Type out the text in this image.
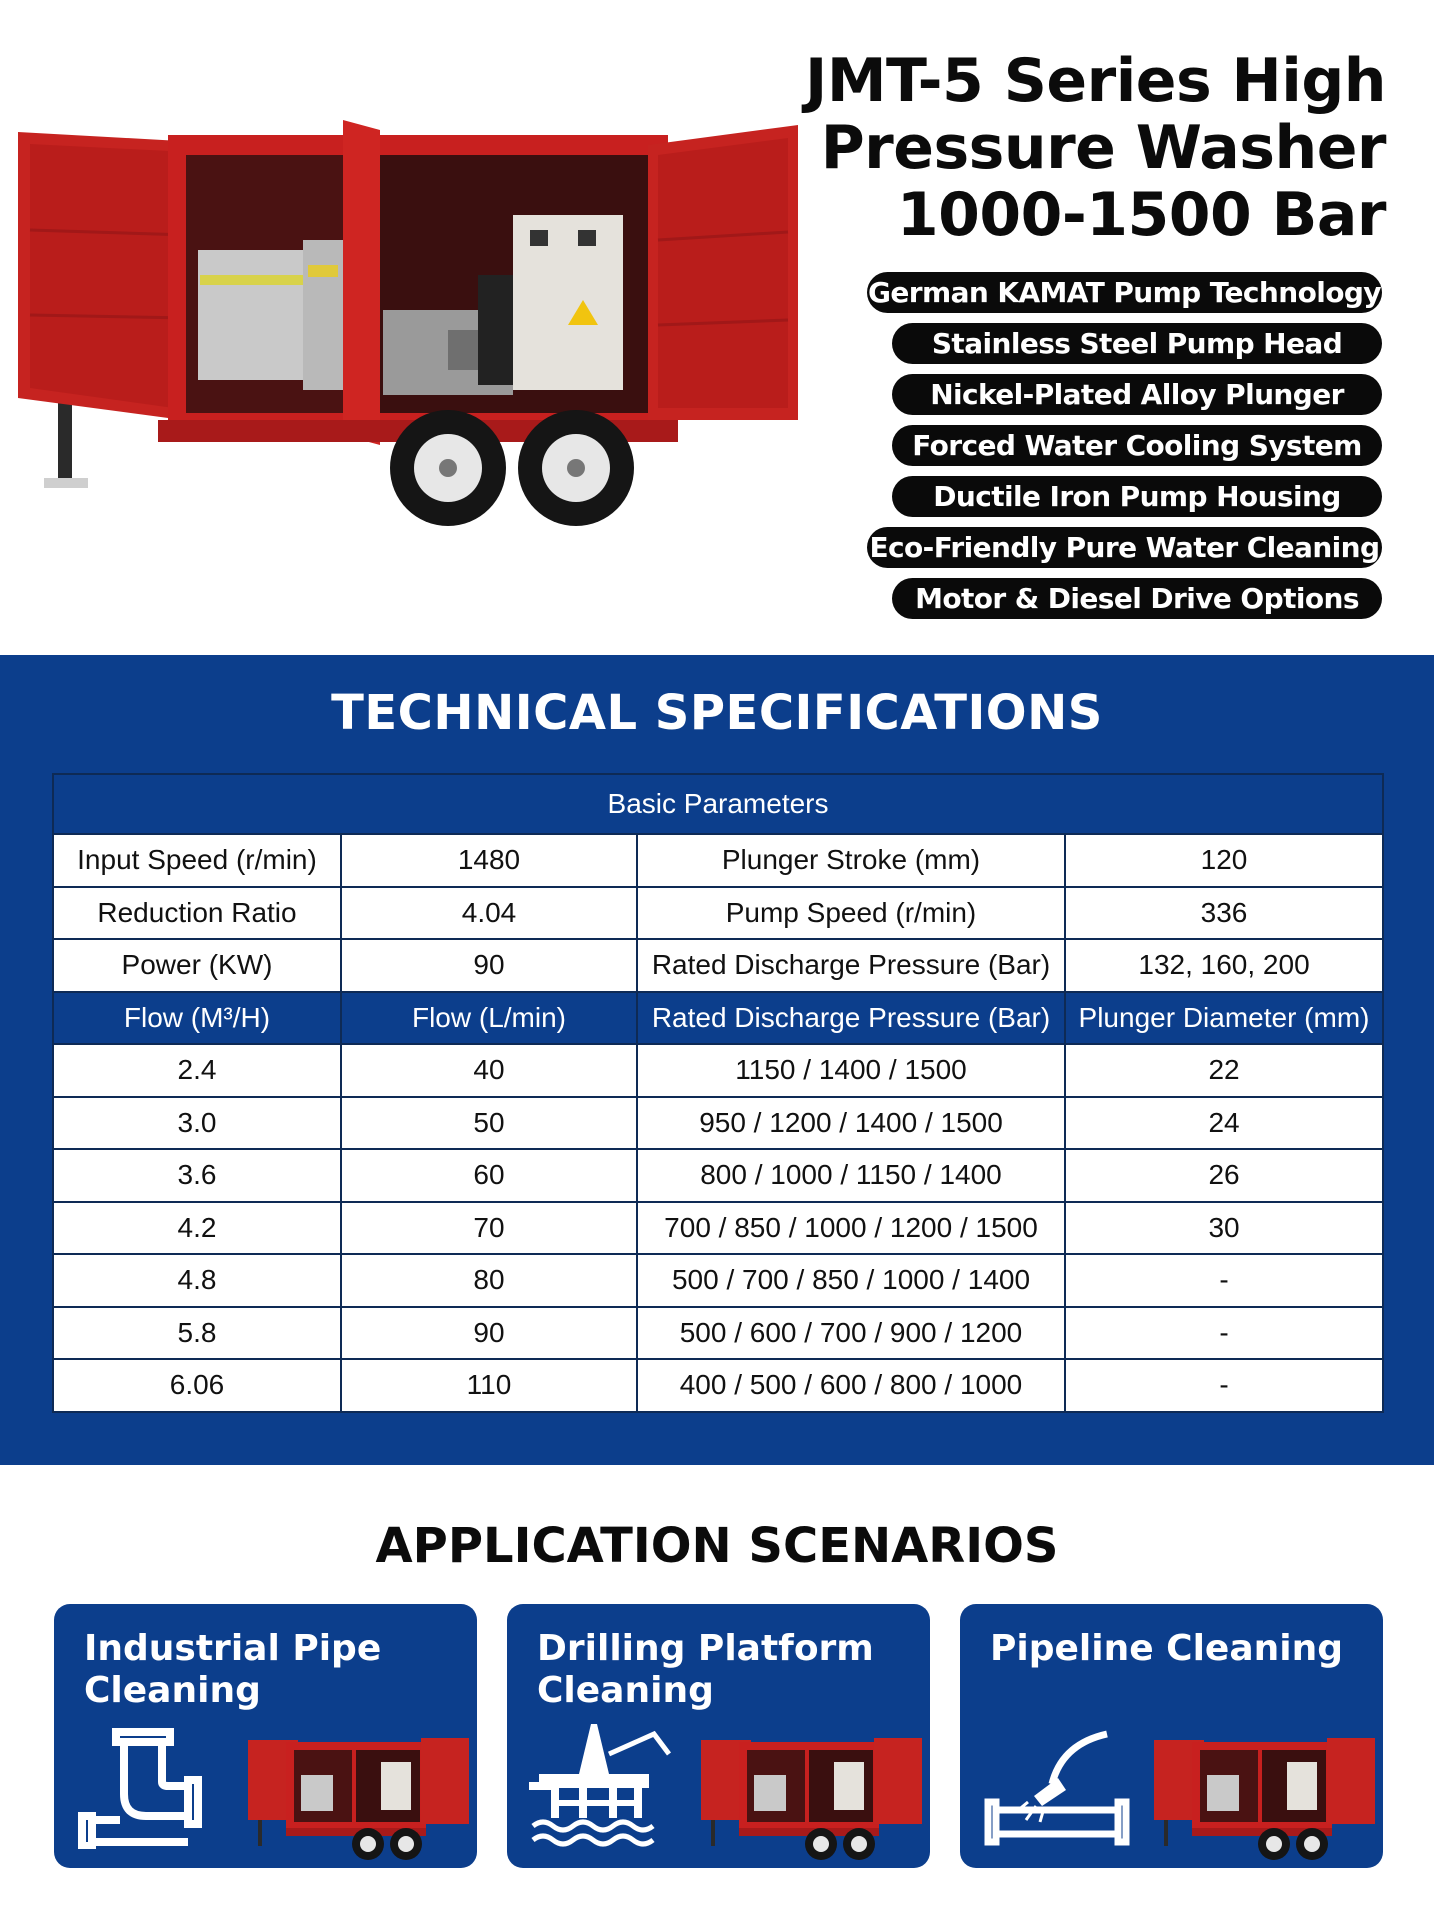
JMT-5 Series High
Pressure Washer
1000-1500 Bar
German KAMAT Pump Technology
Stainless Steel Pump Head
Nickel-Plated Alloy Plunger
Forced Water Cooling System
Ductile Iron Pump Housing
Eco-Friendly Pure Water Cleaning
Motor & Diesel Drive Options
TECHNICAL SPECIFICATIONS
Basic Parameters			
Input Speed (r/min)	1480	Plunger Stroke (mm)	120
Reduction Ratio	4.04	Pump Speed (r/min)	336
Power (KW)	90	Rated Discharge Pressure (Bar)	132, 160, 200
Flow (M³/H)	Flow (L/min)	Rated Discharge Pressure (Bar)	Plunger Diameter (mm)
2.4	40	1150 / 1400 / 1500	22
3.0	50	950 / 1200 / 1400 / 1500	24
3.6	60	800 / 1000 / 1150 / 1400	26
4.2	70	700 / 850 / 1000 / 1200 / 1500	30
4.8	80	500 / 700 / 850 / 1000 / 1400	-
5.8	90	500 / 600 / 700 / 900 / 1200	-
6.06	110	400 / 500 / 600 / 800 / 1000	-
APPLICATION SCENARIOS
Industrial Pipe
Cleaning
Drilling Platform
Cleaning
Pipeline Cleaning
